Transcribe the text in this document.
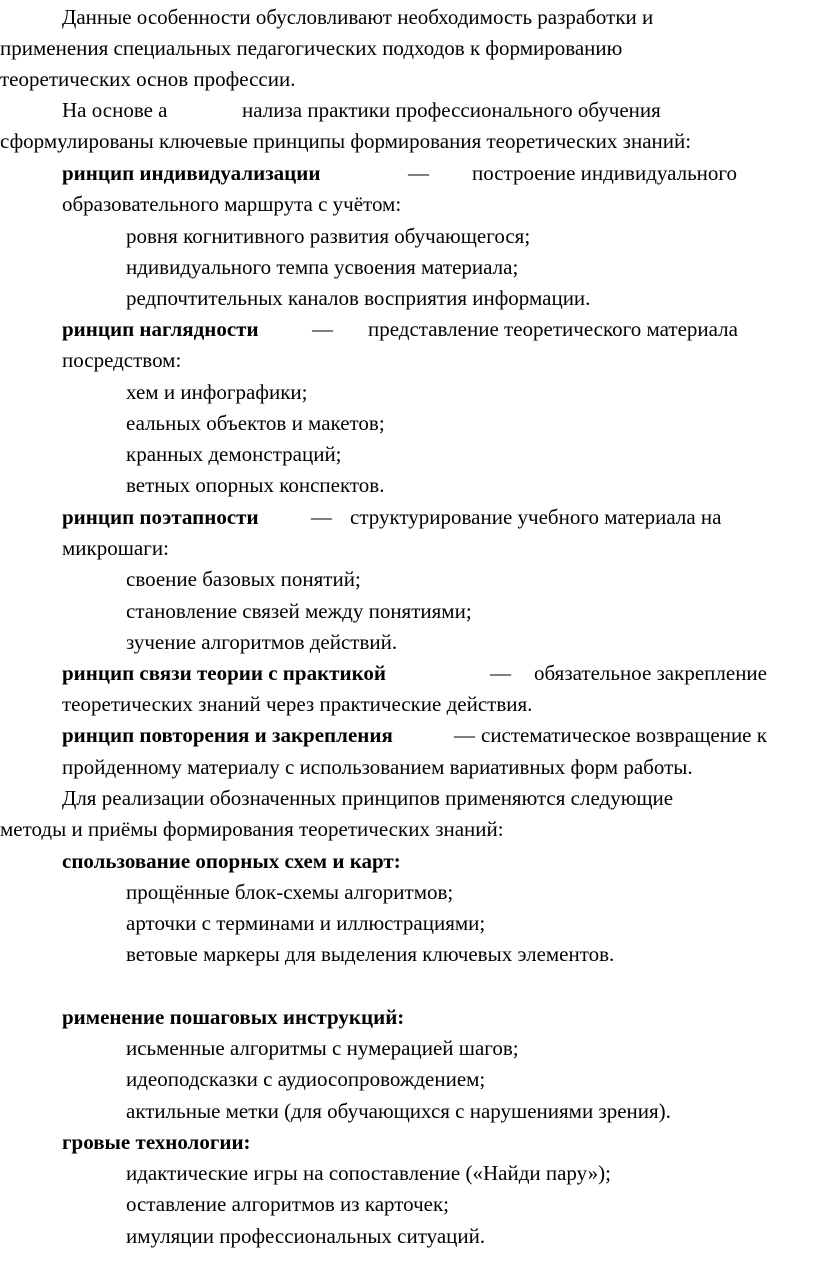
Данные особенности обусловливают необходимость разработки и
применения специальных педагогических подходов к формированию
теоретических основ профессии.
На основе а	нализа практики профессионального обучения
сформулированы ключевые принципы формирования теоретических знаний:
ринцип индивидуализации	— построение индивидуального
образовательного маршрута с учётом:
ровня когнитивного развития обучающегося;
ндивидуального темпа усвоения материала;
редпочтительных каналов восприятия информации.
ринцип наглядности	— представление теоретического материала
посредством:
хем и инфографики;
еальных объектов и макетов;
кранных демонстраций;
ветных опорных конспектов.
ринцип поэтапности — структурирование учебного материала на
микрошаги:
своение базовых понятий;
становление связей между понятиями;
зучение алгоритмов действий.
ринцип связи теории с практикой	— обязательное закрепление
теоретических знаний через практические действия.
ринцип повторения и закрепления	— систематическое возвращение к
пройденному материалу с использованием вариативных форм работы.
Для реализации обозначенных принципов применяются следующие
методы и приёмы формирования теоретических знаний:
спользование опорных схем и карт:
прощённые блок-схемы алгоритмов;
арточки с терминами и иллюстрациями;
ветовые маркеры для выделения ключевых элементов.
рименение пошаговых инструкций:
исьменные алгоритмы с нумерацией шагов;
идеоподсказки с аудиосопровождением;
актильные метки (для обучающихся с нарушениями зрения).
гровые технологии:
идактические игры на сопоставление («Найди пару»);
оставление алгоритмов из карточек;
имуляции профессиональных ситуаций.
